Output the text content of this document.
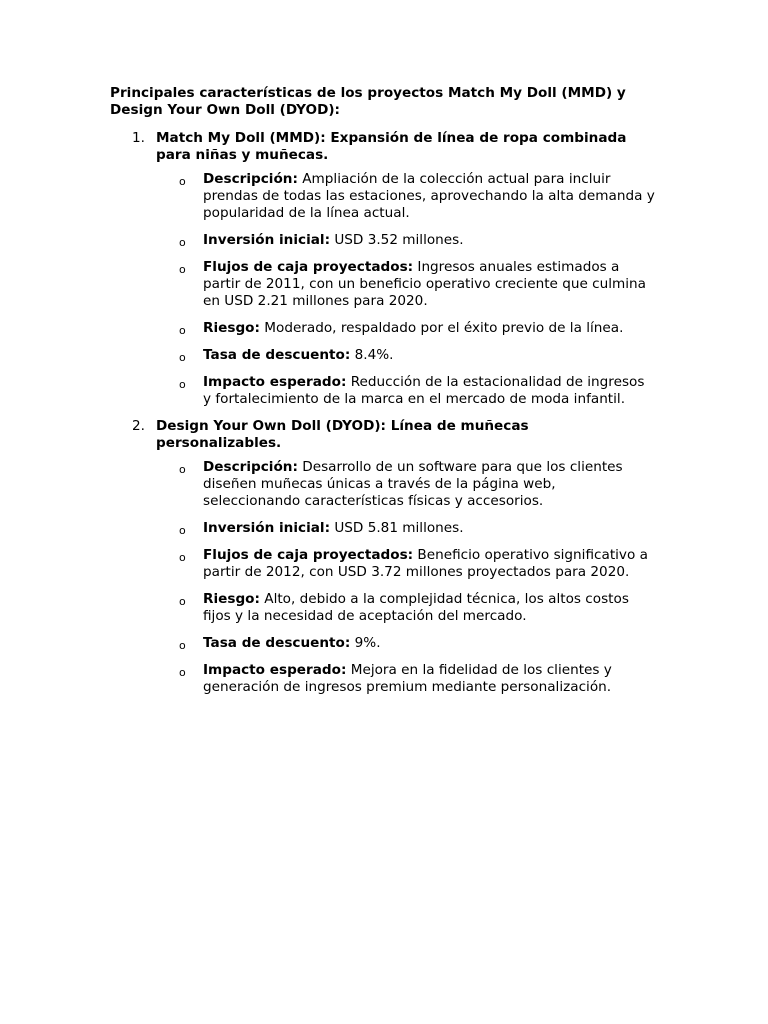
Principales características de los proyectos Match My Doll (MMD) y Design Your Own Doll (DYOD):

1. Match My Doll (MMD): Expansión de línea de ropa combinada para niñas y muñecas.
o	Descripción: Ampliación de la colección actual para incluir prendas de todas las estaciones, aprovechando la alta demanda y popularidad de la línea actual.
o	Inversión inicial: USD 3.52 millones.
o	Flujos de caja proyectados: Ingresos anuales estimados a partir de 2011, con un beneficio operativo creciente que culmina en USD 2.21 millones para 2020.
o	Riesgo: Moderado, respaldado por el éxito previo de la línea.
o	Tasa de descuento: 8.4%.
o	Impacto esperado: Reducción de la estacionalidad de ingresos y fortalecimiento de la marca en el mercado de moda infantil.
2. Design Your Own Doll (DYOD): Línea de muñecas personalizables.
o	Descripción: Desarrollo de un software para que los clientes diseñen muñecas únicas a través de la página web, seleccionando características físicas y accesorios.
o	Inversión inicial: USD 5.81 millones.
o	Flujos de caja proyectados: Beneficio operativo significativo a partir de 2012, con USD 3.72 millones proyectados para 2020.
o	Riesgo: Alto, debido a la complejidad técnica, los altos costos fijos y la necesidad de aceptación del mercado.
o	Tasa de descuento: 9%.
o	Impacto esperado: Mejora en la fidelidad de los clientes y generación de ingresos premium mediante personalización.
